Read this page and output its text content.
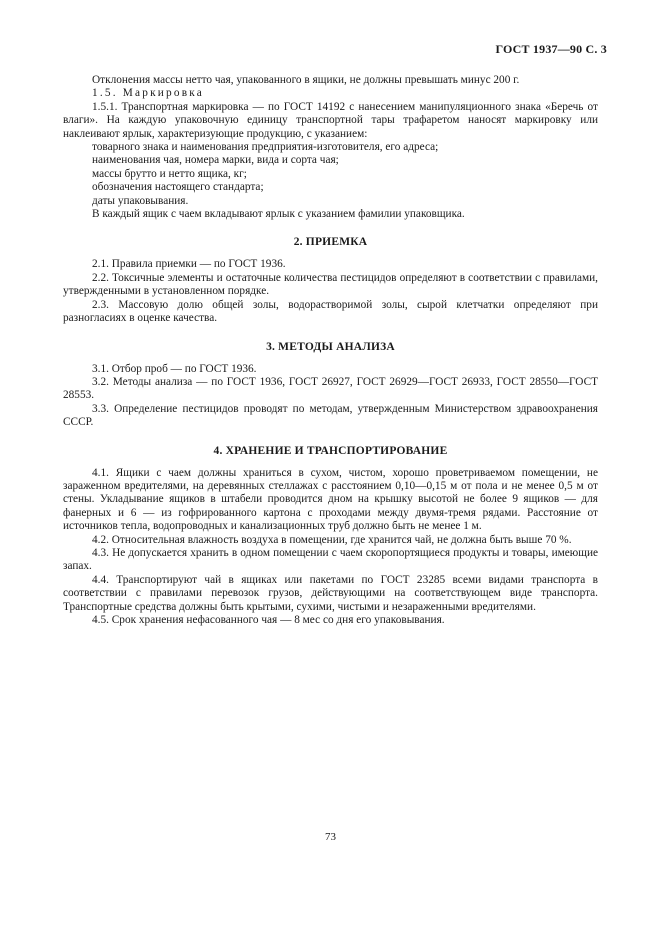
ГОСТ 1937—90 С. 3

Отклонения массы нетто чая, упакованного в ящики, не должны превышать минус 200 г.

1.5. Маркировка

1.5.1. Транспортная маркировка — по ГОСТ 14192 с нанесением манипуляционного знака «Беречь от влаги». На каждую упаковочную единицу транспортной тары трафаретом наносят маркировку или наклеивают ярлык, характеризующие продукцию, с указанием:

товарного знака и наименования предприятия-изготовителя, его адреса;

наименования чая, номера марки, вида и сорта чая;

массы брутто и нетто ящика, кг;

обозначения настоящего стандарта;

даты упаковывания.

В каждый ящик с чаем вкладывают ярлык с указанием фамилии упаковщика.

2. ПРИЕМКА

2.1. Правила приемки — по ГОСТ 1936.

2.2. Токсичные элементы и остаточные количества пестицидов определяют в соответствии с правилами, утвержденными в установленном порядке.

2.3. Массовую долю общей золы, водорастворимой золы, сырой клетчатки определяют при разногласиях в оценке качества.

3. МЕТОДЫ АНАЛИЗА

3.1. Отбор проб — по ГОСТ 1936.

3.2. Методы анализа — по ГОСТ 1936, ГОСТ 26927, ГОСТ 26929—ГОСТ 26933, ГОСТ 28550—ГОСТ 28553.

3.3. Определение пестицидов проводят по методам, утвержденным Министерством здравоохранения СССР.

4. ХРАНЕНИЕ И ТРАНСПОРТИРОВАНИЕ

4.1. Ящики с чаем должны храниться в сухом, чистом, хорошо проветриваемом помещении, не зараженном вредителями, на деревянных стеллажах с расстоянием 0,10—0,15 м от пола и не менее 0,5 м от стены. Укладывание ящиков в штабели проводится дном на крышку высотой не более 9 ящиков — для фанерных и 6 — из гофрированного картона с проходами между двумя-тремя рядами. Расстояние от источников тепла, водопроводных и канализационных труб должно быть не менее 1 м.

4.2. Относительная влажность воздуха в помещении, где хранится чай, не должна быть выше 70 %.

4.3. Не допускается хранить в одном помещении с чаем скоропортящиеся продукты и товары, имеющие запах.

4.4. Транспортируют чай в ящиках или пакетами по ГОСТ 23285 всеми видами транспорта в соответствии с правилами перевозок грузов, действующими на соответствующем виде транспорта. Транспортные средства должны быть крытыми, сухими, чистыми и незараженными вредителями.

4.5. Срок хранения нефасованного чая — 8 мес со дня его упаковывания.

73
